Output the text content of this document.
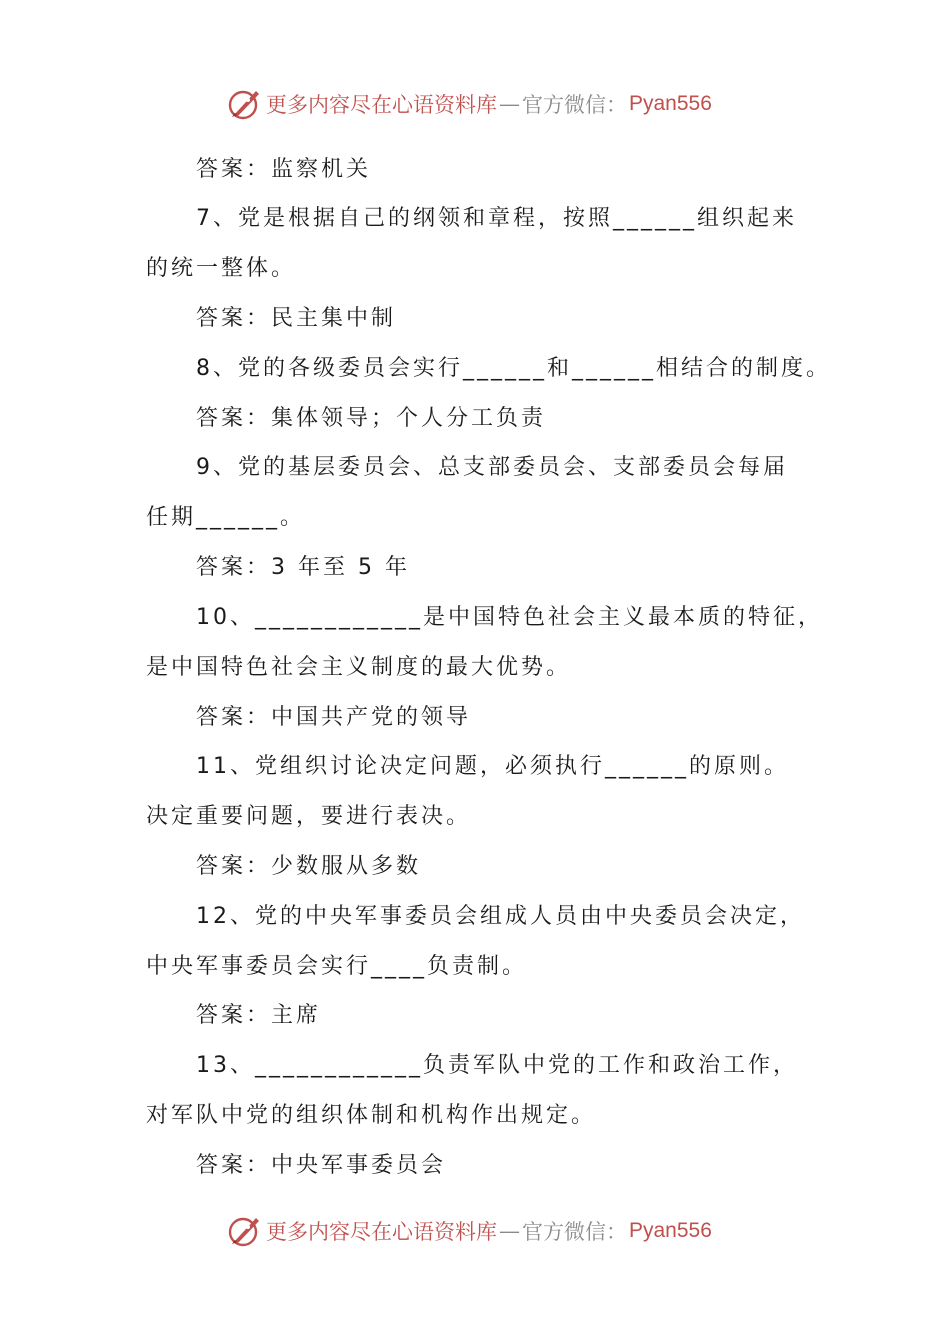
更多内容尽在心语资料库 — 官方微信： Pyan556
答案：监察机关
7、党是根据自己的纲领和章程，按照______组织起来
的统一整体。
答案：民主集中制
8、党的各级委员会实行______和______相结合的制度。
答案：集体领导；个人分工负责
9、党的基层委员会、总支部委员会、支部委员会每届
任期______。
答案：3 年至 5 年
10、____________是中国特色社会主义最本质的特征，
是中国特色社会主义制度的最大优势。
答案：中国共产党的领导
11、党组织讨论决定问题，必须执行______的原则。
决定重要问题，要进行表决。
答案：少数服从多数
12、党的中央军事委员会组成人员由中央委员会决定，
中央军事委员会实行____负责制。
答案：主席
13、____________负责军队中党的工作和政治工作，
对军队中党的组织体制和机构作出规定。
答案：中央军事委员会
更多内容尽在心语资料库 — 官方微信： Pyan556
